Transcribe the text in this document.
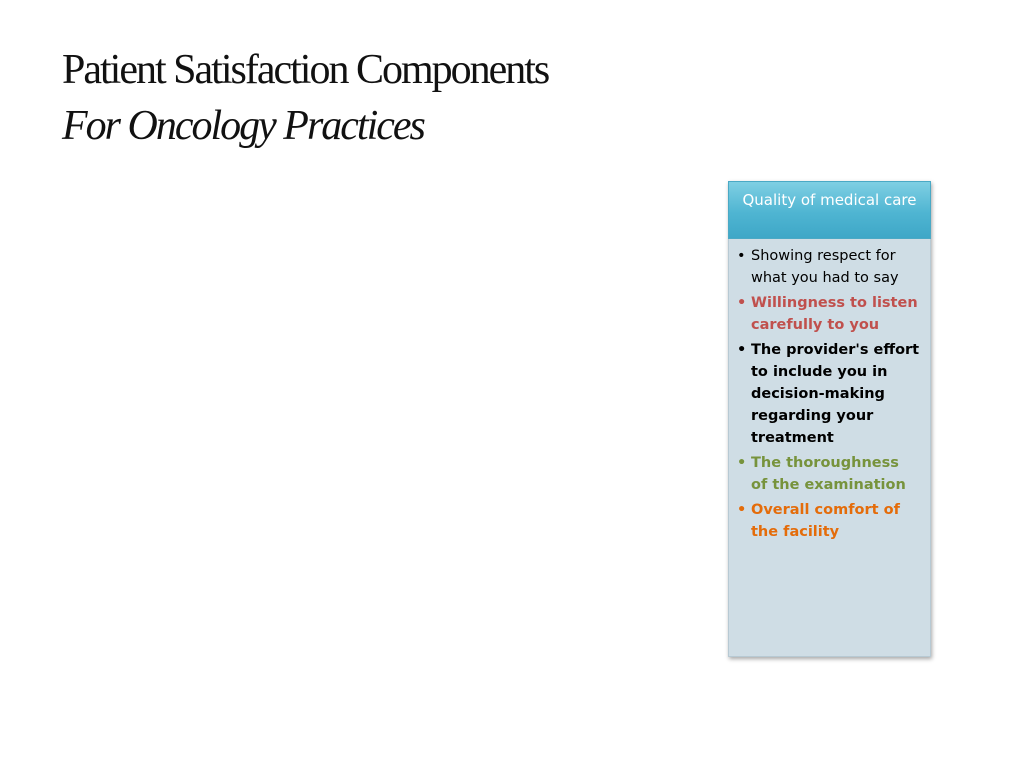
Patient Satisfaction Components
For Oncology Practices
Quality of medical care
• Showing respect for what you had to say
• Willingness to listen carefully to you
• The provider's effort to include you in decision-making regarding your treatment
• The thoroughness of the examination
• Overall comfort of the facility
